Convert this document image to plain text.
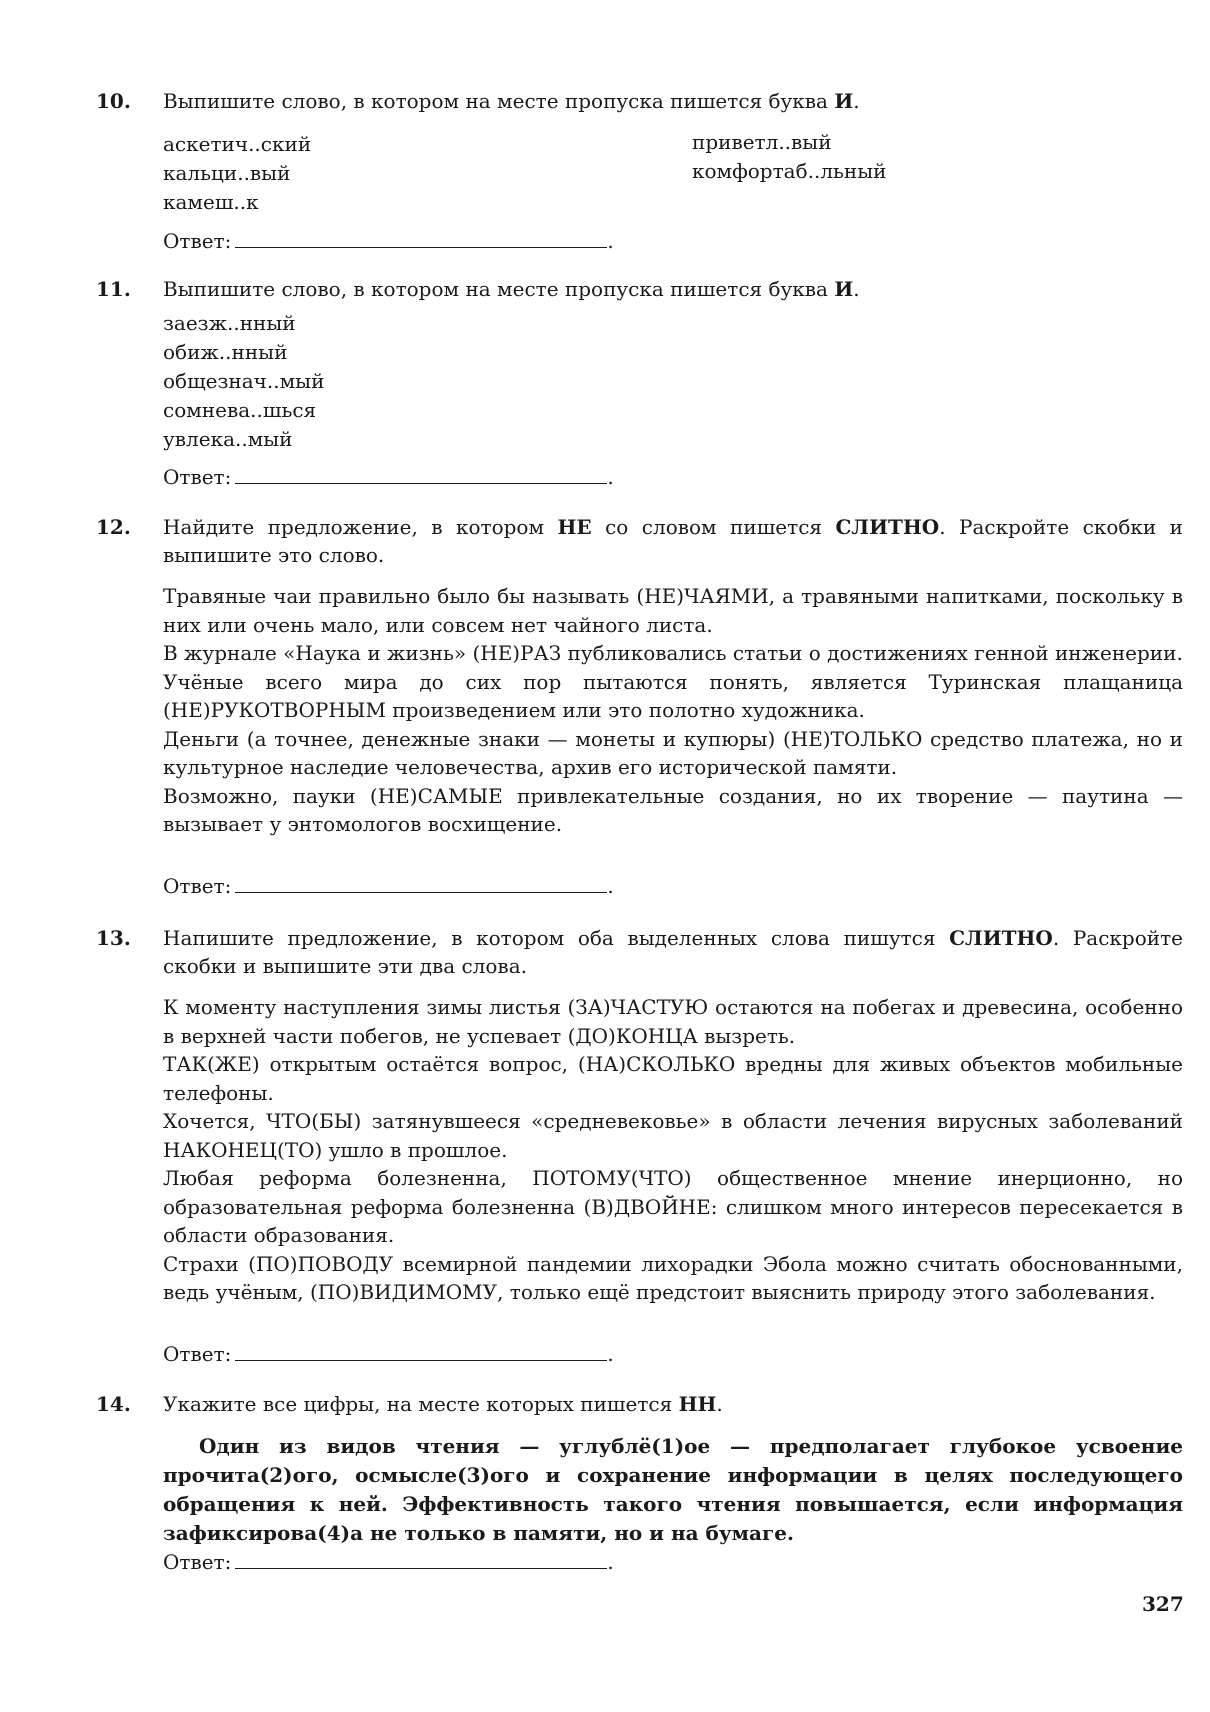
10. Выпишите слово, в котором на месте пропуска пишется буква И.
аскетич..ский
кальци..вый
камеш..к
приветл..вый
комфортаб..льный
Ответ:	.
11. Выпишите слово, в котором на месте пропуска пишется буква И.
заезж..нный
обиж..нный
общезнач..мый
сомнева..шься
увлека..мый
Ответ:	.
12. Найдите предложение, в котором НЕ со словом пишется СЛИТНО. Раскройте скобки и выпишите это слово.
Травяные чаи правильно было бы называть (НЕ)ЧАЯМИ, а травяными напитками, поскольку в них или очень мало, или совсем нет чайного листа.
В журнале «Наука и жизнь» (НЕ)РАЗ публиковались статьи о достижениях генной инженерии.
Учёные всего мира до сих пор пытаются понять, является Туринская плащаница (НЕ)РУКОТВОРНЫМ произведением или это полотно художника.
Деньги (а точнее, денежные знаки — монеты и купюры) (НЕ)ТОЛЬКО средство платежа, но и культурное наследие человечества, архив его исторической памяти.
Возможно, пауки (НЕ)САМЫЕ привлекательные создания, но их творение — паутина — вызывает у энтомологов восхищение.
Ответ:	.
13. Напишите предложение, в котором оба выделенных слова пишутся СЛИТНО. Раскройте скобки и выпишите эти два слова.
К моменту наступления зимы листья (ЗА)ЧАСТУЮ остаются на побегах и древесина, особенно в верхней части побегов, не успевает (ДО)КОНЦА вызреть.
ТАК(ЖЕ) открытым остаётся вопрос, (НА)СКОЛЬКО вредны для живых объектов мобильные телефоны.
Хочется, ЧТО(БЫ) затянувшееся «средневековье» в области лечения вирусных заболеваний НАКОНЕЦ(ТО) ушло в прошлое.
Любая реформа болезненна, ПОТОМУ(ЧТО) общественное мнение инерционно, но образовательная реформа болезненна (В)ДВОЙНЕ: слишком много интересов пересекается в области образования.
Страхи (ПО)ПОВОДУ всемирной пандемии лихорадки Эбола можно считать обоснованными, ведь учёным, (ПО)ВИДИМОМУ, только ещё предстоит выяснить природу этого заболевания.
Ответ:	.
14. Укажите все цифры, на месте которых пишется НН.
Один из видов чтения — углублё(1)ое — предполагает глубокое усвоение прочита(2)ого, осмысле(3)ого и сохранение информации в целях последующего обращения к ней. Эффективность такого чтения повышается, если информация зафиксирова(4)а не только в памяти, но и на бумаге.
Ответ:	.
327
